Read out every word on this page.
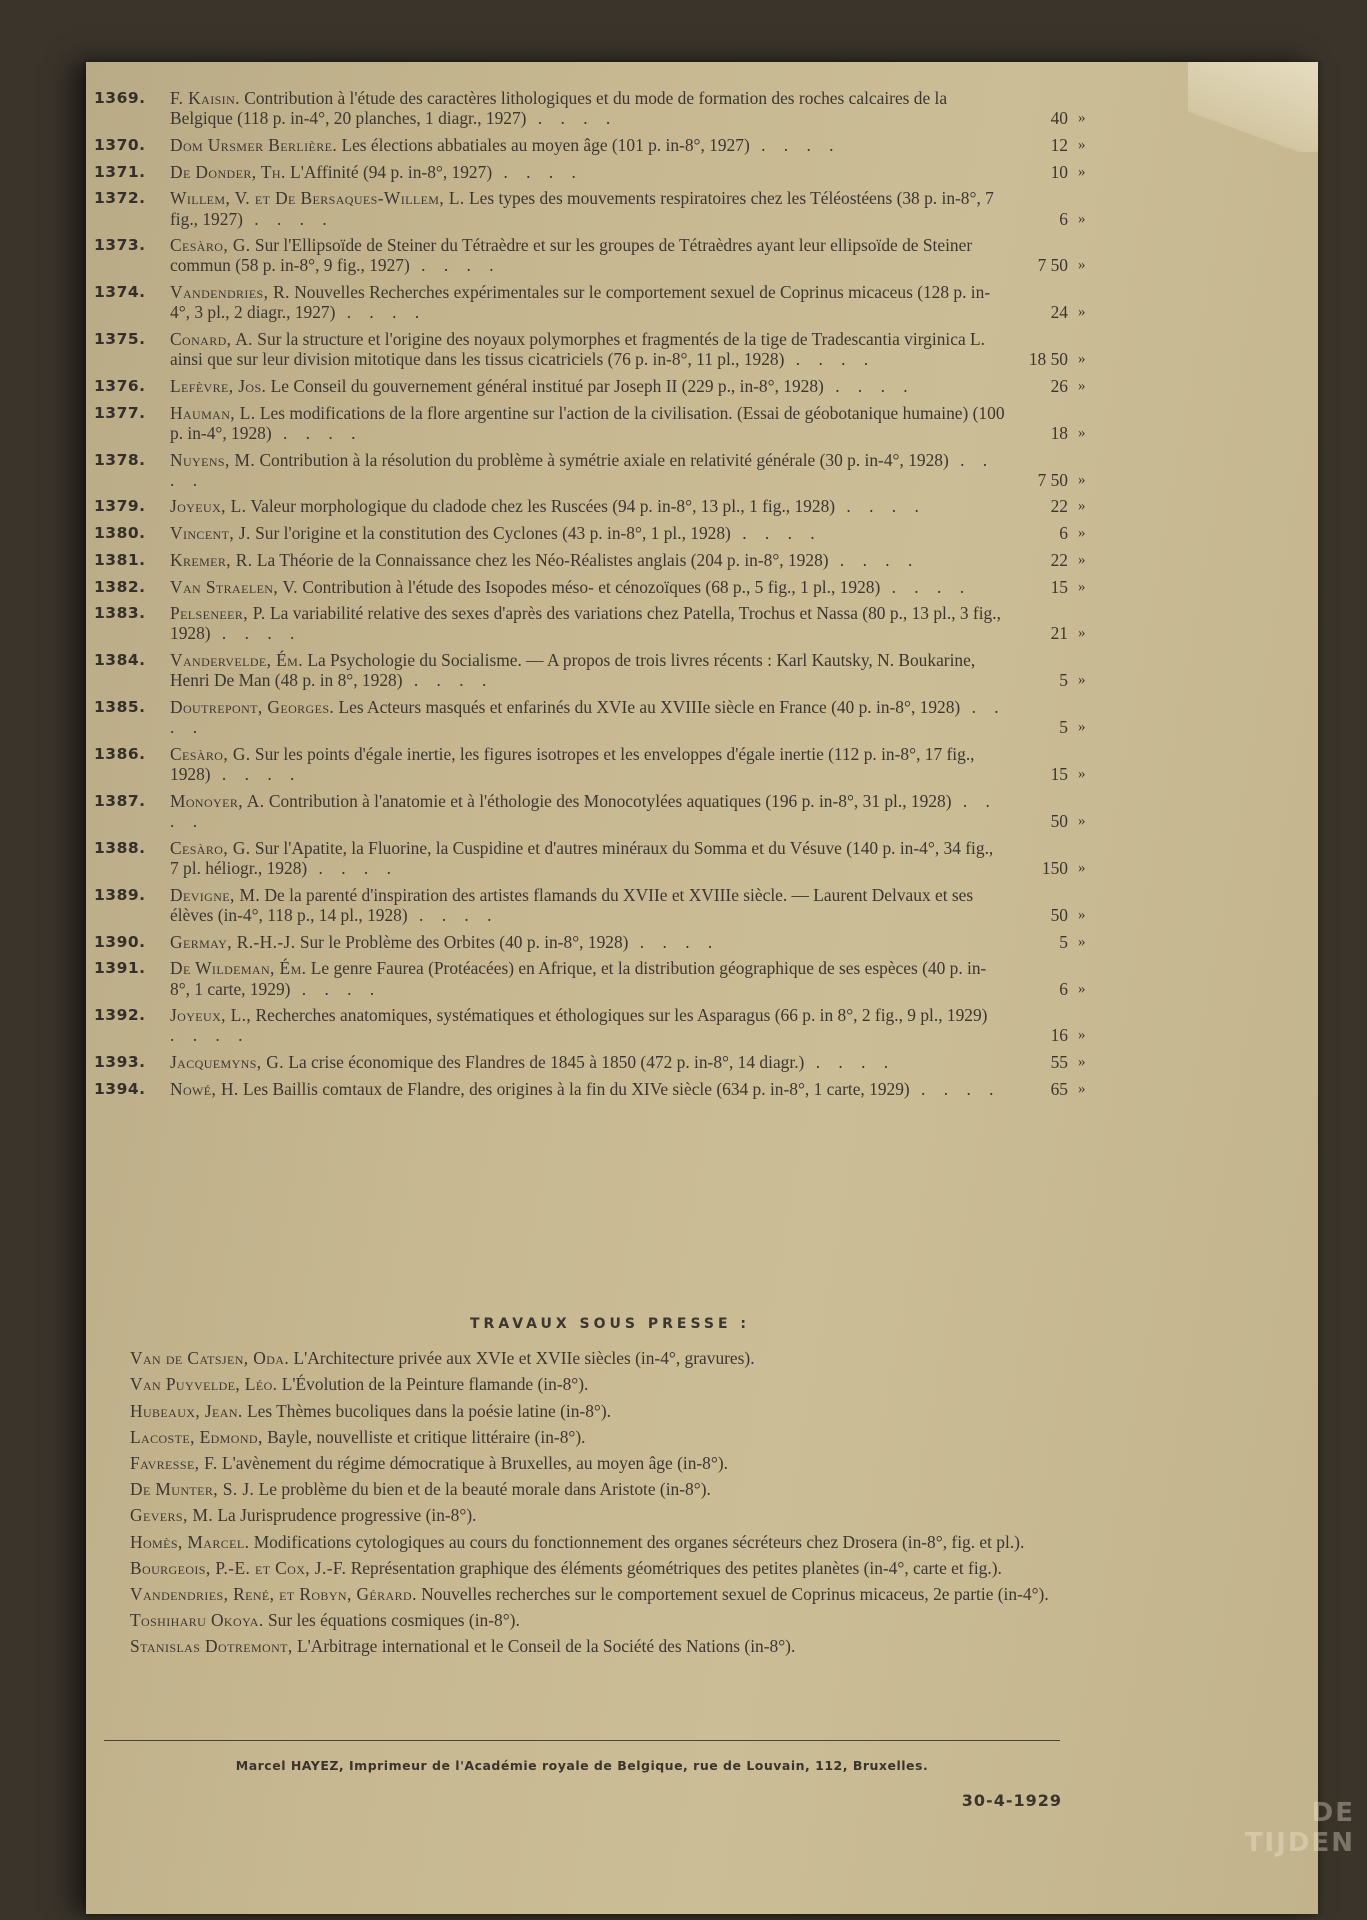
1369.	F. Kaisin. Contribution à l'étude des caractères lithologiques et du mode de formation des roches calcaires de la Belgique (118 p. in-4°, 20 planches, 1 diagr., 1927) . . . .	40 »
1370.	Dom Ursmer Berlière. Les élections abbatiales au moyen âge (101 p. in-8°, 1927) . . . .	12 »
1371.	De Donder, Th. L'Affinité (94 p. in-8°, 1927) . . . .	10 »
1372.	Willem, V. et De Bersaques-Willem, L. Les types des mouvements respiratoires chez les Téléostéens (38 p. in-8°, 7 fig., 1927) . . . .	6 »
1373.	Cesàro, G. Sur l'Ellipsoïde de Steiner du Tétraèdre et sur les groupes de Tétraèdres ayant leur ellipsoïde de Steiner commun (58 p. in-8°, 9 fig., 1927) . . . .	7 50 »
1374.	Vandendries, R. Nouvelles Recherches expérimentales sur le comportement sexuel de Coprinus micaceus (128 p. in-4°, 3 pl., 2 diagr., 1927) . . . .	24 »
1375.	Conard, A. Sur la structure et l'origine des noyaux polymorphes et fragmentés de la tige de Tradescantia virginica L. ainsi que sur leur division mitotique dans les tissus cicatriciels (76 p. in-8°, 11 pl., 1928) . . . .	18 50 »
1376.	Lefèvre, Jos. Le Conseil du gouvernement général institué par Joseph II (229 p., in-8°, 1928) . . . .	26 »
1377.	Hauman, L. Les modifications de la flore argentine sur l'action de la civilisation. (Essai de géobotanique humaine) (100 p. in-4°, 1928) . . . .	18 »
1378.	Nuyens, M. Contribution à la résolution du problème à symétrie axiale en relativité générale (30 p. in-4°, 1928) . . . .	7 50 »
1379.	Joyeux, L. Valeur morphologique du cladode chez les Ruscées (94 p. in-8°, 13 pl., 1 fig., 1928) . . . .	22 »
1380.	Vincent, J. Sur l'origine et la constitution des Cyclones (43 p. in-8°, 1 pl., 1928) . . . .	6 »
1381.	Kremer, R. La Théorie de la Connaissance chez les Néo-Réalistes anglais (204 p. in-8°, 1928) . . . .	22 »
1382.	Van Straelen, V. Contribution à l'étude des Isopodes méso- et cénozoïques (68 p., 5 fig., 1 pl., 1928) . . . .	15 »
1383.	Pelseneer, P. La variabilité relative des sexes d'après des variations chez Patella, Trochus et Nassa (80 p., 13 pl., 3 fig., 1928) . . . .	21 »
1384.	Vandervelde, Ém. La Psychologie du Socialisme. — A propos de trois livres récents : Karl Kautsky, N. Boukarine, Henri De Man (48 p. in 8°, 1928) . . . .	5 »
1385.	Doutrepont, Georges. Les Acteurs masqués et enfarinés du XVIe au XVIIIe siècle en France (40 p. in-8°, 1928) . . . .	5 »
1386.	Cesàro, G. Sur les points d'égale inertie, les figures isotropes et les enveloppes d'égale inertie (112 p. in-8°, 17 fig., 1928) . . . .	15 »
1387.	Monoyer, A. Contribution à l'anatomie et à l'éthologie des Monocotylées aquatiques (196 p. in-8°, 31 pl., 1928) . . . .	50 »
1388.	Cesàro, G. Sur l'Apatite, la Fluorine, la Cuspidine et d'autres minéraux du Somma et du Vésuve (140 p. in-4°, 34 fig., 7 pl. héliogr., 1928) . . . .	150 »
1389.	Devigne, M. De la parenté d'inspiration des artistes flamands du XVIIe et XVIIIe siècle. — Laurent Delvaux et ses élèves (in-4°, 118 p., 14 pl., 1928) . . . .	50 »
1390.	Germay, R.-H.-J. Sur le Problème des Orbites (40 p. in-8°, 1928) . . . .	5 »
1391.	De Wildeman, Ém. Le genre Faurea (Protéacées) en Afrique, et la distribution géographique de ses espèces (40 p. in-8°, 1 carte, 1929) . . . .	6 »
1392.	Joyeux, L., Recherches anatomiques, systématiques et éthologiques sur les Asparagus (66 p. in 8°, 2 fig., 9 pl., 1929) . . . .	16 »
1393.	Jacquemyns, G. La crise économique des Flandres de 1845 à 1850 (472 p. in-8°, 14 diagr.) . . . .	55 »
1394.	Nowé, H. Les Baillis comtaux de Flandre, des origines à la fin du XIVe siècle (634 p. in-8°, 1 carte, 1929) . . . .	65 »
TRAVAUX SOUS PRESSE :
Van de Catsjen, Oda. L'Architecture privée aux XVIe et XVIIe siècles (in-4°, gravures).
Van Puyvelde, Léo. L'Évolution de la Peinture flamande (in-8°).
Hubeaux, Jean. Les Thèmes bucoliques dans la poésie latine (in-8°).
Lacoste, Edmond, Bayle, nouvelliste et critique littéraire (in-8°).
Favresse, F. L'avènement du régime démocratique à Bruxelles, au moyen âge (in-8°).
De Munter, S. J. Le problème du bien et de la beauté morale dans Aristote (in-8°).
Gevers, M. La Jurisprudence progressive (in-8°).
Homès, Marcel. Modifications cytologiques au cours du fonctionnement des organes sécréteurs chez Drosera (in-8°, fig. et pl.).
Bourgeois, P.-E. et Cox, J.-F. Représentation graphique des éléments géométriques des petites planètes (in-4°, carte et fig.).
Vandendries, René, et Robyn, Gérard. Nouvelles recherches sur le comportement sexuel de Coprinus micaceus, 2e partie (in-4°).
Toshiharu Okoya. Sur les équations cosmiques (in-8°).
Stanislas Dotremont, L'Arbitrage international et le Conseil de la Société des Nations (in-8°).
Marcel HAYEZ, Imprimeur de l'Académie royale de Belgique, rue de Louvain, 112, Bruxelles.
30-4-1929	DE TIJDEN
